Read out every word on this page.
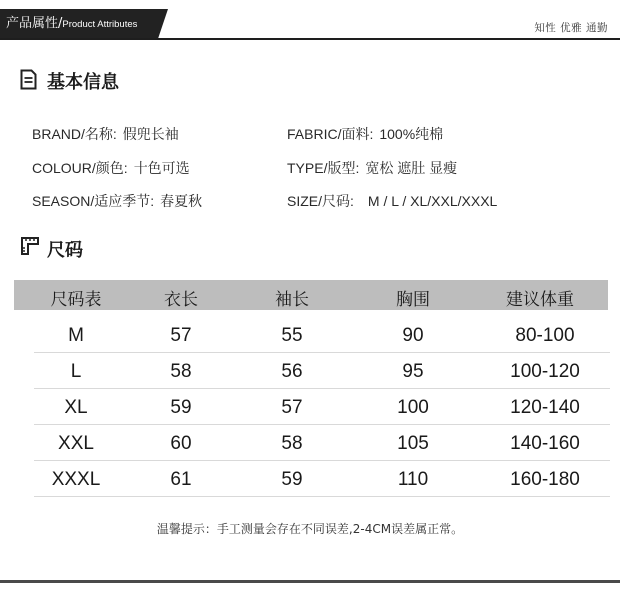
产品属性/Product Attributes	知性 优雅 通勤
基本信息
BRAND/名称: 假兜长袖	FABRIC/面料: 100%纯棉
COLOUR/颜色: 十色可选	TYPE/版型: 宽松 遮肚 显瘦
SEASON/适应季节: 春夏秋	SIZE/尺码: M / L / XL/XXL/XXXL
尺码
尺码表	衣长	袖长	胸围	建议体重
M	57	55	90	80-100
L	58	56	95	100-120
XL	59	57	100	120-140
XXL	60	58	105	140-160
XXXL	61	59	110	160-180
温馨提示：手工测量会存在不同误差,2-4CM误差属正常。
